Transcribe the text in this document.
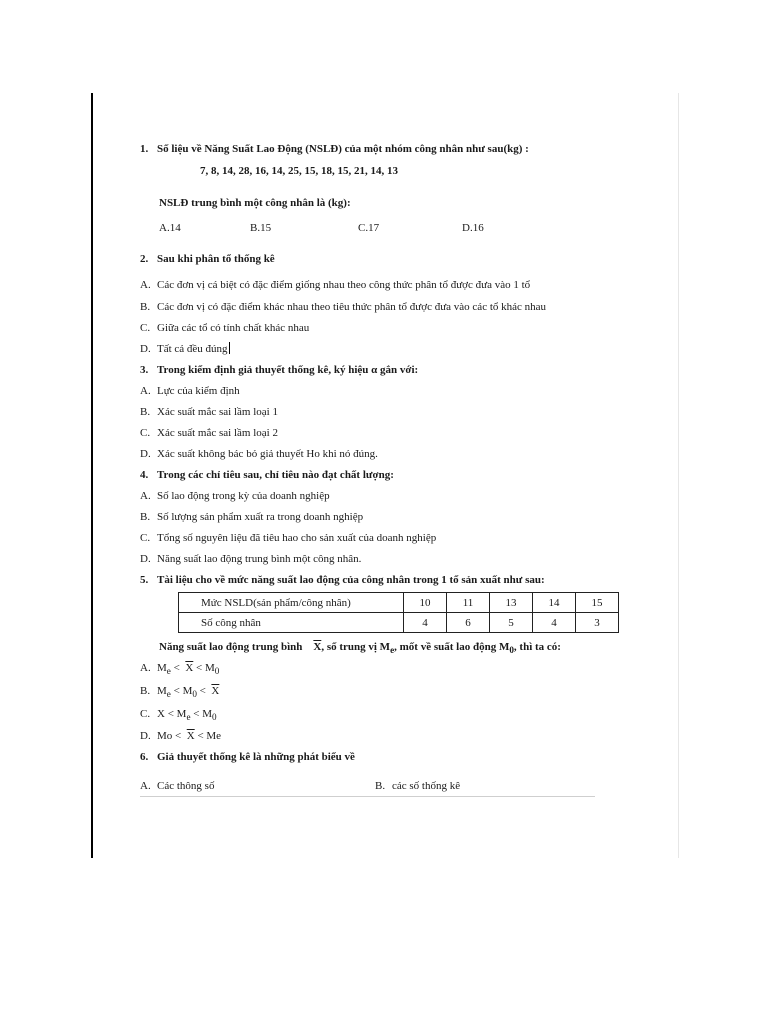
1. Số liệu về Năng Suất Lao Động (NSLĐ) của một nhóm công nhân như sau(kg) :
7, 8, 14, 28, 16, 14, 25, 15, 18, 15, 21, 14, 13
NSLĐ trung bình một công nhân là (kg):
A.14	B.15	C.17	D.16
2. Sau khi phân tổ thống kê
A. Các đơn vị cá biệt có đặc điểm giống nhau theo công thức phân tổ được đưa vào 1 tổ
B. Các đơn vị có đặc điểm khác nhau theo tiêu thức phân tổ được đưa vào các tổ khác nhau
C. Giữa các tổ có tính chất khác nhau
D. Tất cả đều đúng
3. Trong kiểm định giả thuyết thống kê, ký hiệu α gắn với:
A. Lực của kiểm định
B. Xác suất mắc sai lầm loại 1
C. Xác suất mắc sai lầm loại 2
D. Xác suất không bác bỏ giả thuyết Ho khi nó đúng.
4. Trong các chỉ tiêu sau, chỉ tiêu nào đạt chất lượng:
A. Số lao động trong kỳ của doanh nghiệp
B. Số lượng sản phẩm xuất ra trong doanh nghiệp
C. Tổng số nguyên liệu đã tiêu hao cho sản xuất của doanh nghiệp
D. Năng suất lao động trung bình một công nhân.
5. Tài liệu cho về mức năng suất lao động của công nhân trong 1 tổ sản xuất như sau:
Mức NSLD(sản phẩm/công nhân)	10	11	13	14	15
Số công nhân	4	6	5	4	3
Năng suất lao động trung bình $\overline{X}$, số trung vị $M_e$, mốt về suất lao động $M_0$, thì ta có:
A. $M_e < \overline{X} < M_0$
B. $M_e < M_0 < \overline{X}$
C. $X < M_e < M_0$
D. $Mo < \overline{X} < Me$
6. Giả thuyết thống kê là những phát biểu về
A. Các thông số	B. các số thống kê
